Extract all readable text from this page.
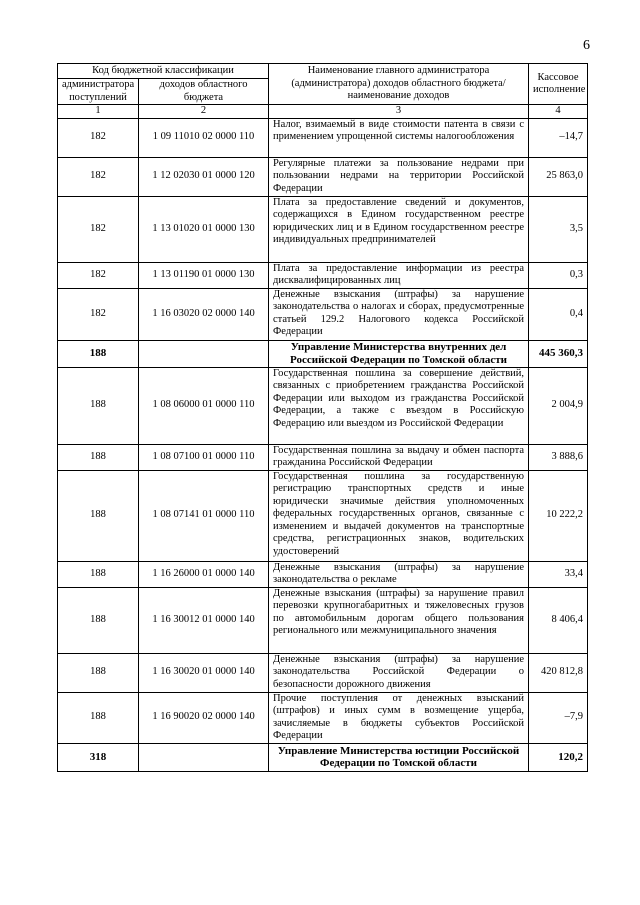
6
Код бюджетной классификации		Наименование главного администратора (администратора) доходов областного бюджета/ наименование доходов	Кассовое исполнение
администратора поступлений	доходов областного бюджета		
1	2	3	4
182	1 09 11010 02 0000 110	Налог, взимаемый в виде стоимости патента в связи с применением упрощенной системы налогообложения	–14,7
182	1 12 02030 01 0000 120	Регулярные платежи за пользование недрами при пользовании недрами на территории Российской Федерации	25 863,0
182	1 13 01020 01 0000 130	Плата за предоставление сведений и документов, содержащихся в Едином государственном реестре юридических лиц и в Едином государственном реестре индивидуальных предпринимателей	3,5
182	1 13 01190 01 0000 130	Плата за предоставление информации из реестра дисквалифицированных лиц	0,3
182	1 16 03020 02 0000 140	Денежные взыскания (штрафы) за нарушение законодательства о налогах и сборах, предусмотренные статьей 129.2 Налогового кодекса Российской Федерации	0,4
188		Управление Министерства внутренних дел Российской Федерации по Томской области	445 360,3
188	1 08 06000 01 0000 110	Государственная пошлина за совершение действий, связанных с приобретением гражданства Российской Федерации или выходом из гражданства Российской Федерации, а также с въездом в Российскую Федерацию или выездом из Российской Федерации	2 004,9
188	1 08 07100 01 0000 110	Государственная пошлина за выдачу и обмен паспорта гражданина Российской Федерации	3 888,6
188	1 08 07141 01 0000 110	Государственная пошлина за государственную регистрацию транспортных средств и иные юридически значимые действия уполномоченных федеральных государственных органов, связанные с изменением и выдачей документов на транспортные средства, регистрационных знаков, водительских удостоверений	10 222,2
188	1 16 26000 01 0000 140	Денежные взыскания (штрафы) за нарушение законодательства о рекламе	33,4
188	1 16 30012 01 0000 140	Денежные взыскания (штрафы) за нарушение правил перевозки крупногабаритных и тяжеловесных грузов по автомобильным дорогам общего пользования регионального или межмуниципального значения	8 406,4
188	1 16 30020 01 0000 140	Денежные взыскания (штрафы) за нарушение законодательства Российской Федерации о безопасности дорожного движения	420 812,8
188	1 16 90020 02 0000 140	Прочие поступления от денежных взысканий (штрафов) и иных сумм в возмещение ущерба, зачисляемые в бюджеты субъектов Российской Федерации	–7,9
318		Управление Министерства юстиции Российской Федерации по Томской области	120,2
